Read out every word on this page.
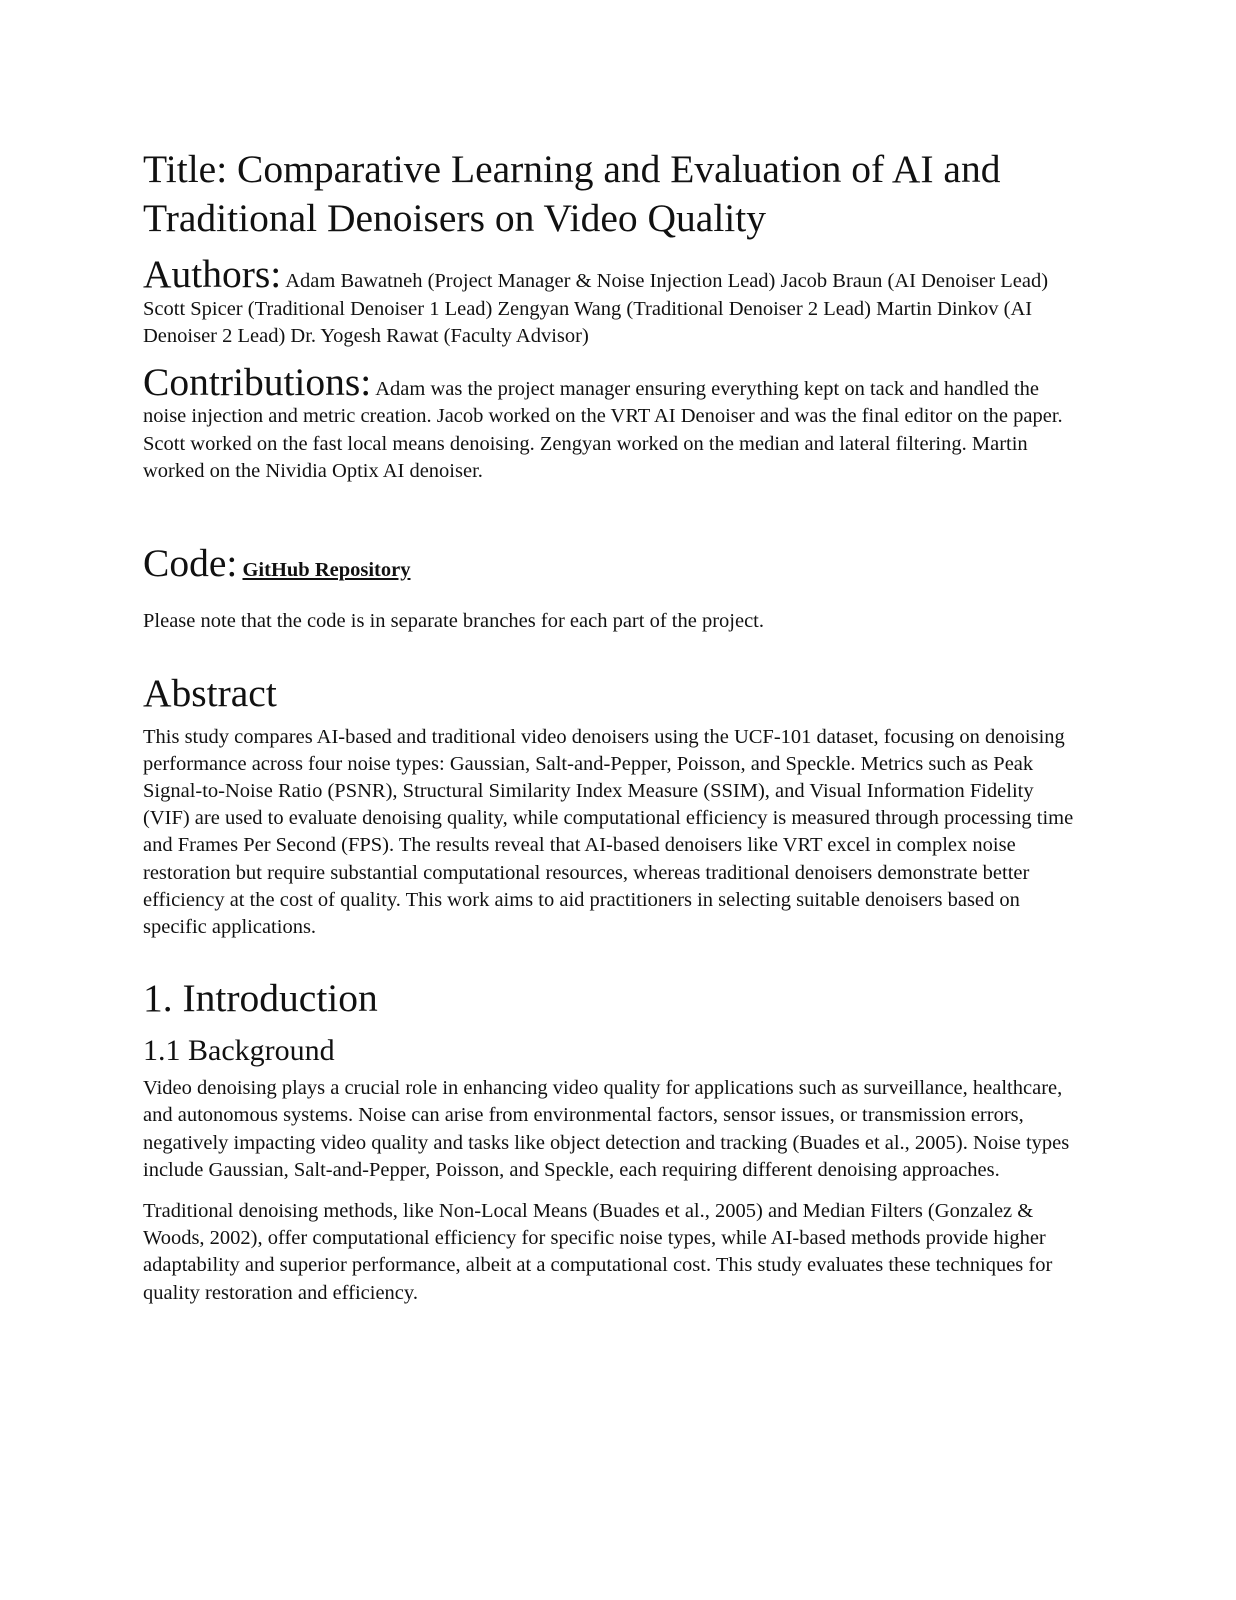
Title: Comparative Learning and Evaluation of AI and Traditional Denoisers on Video Quality
Authors: Adam Bawatneh (Project Manager & Noise Injection Lead) Jacob Braun (AI Denoiser Lead) Scott Spicer (Traditional Denoiser 1 Lead) Zengyan Wang (Traditional Denoiser 2 Lead) Martin Dinkov (AI Denoiser 2 Lead) Dr. Yogesh Rawat (Faculty Advisor)
Contributions: Adam was the project manager ensuring everything kept on tack and handled the noise injection and metric creation. Jacob worked on the VRT AI Denoiser and was the final editor on the paper. Scott worked on the fast local means denoising. Zengyan worked on the median and lateral filtering. Martin worked on the Nividia Optix AI denoiser.
Code: GitHub Repository
Please note that the code is in separate branches for each part of the project.
Abstract

This study compares AI-based and traditional video denoisers using the UCF-101 dataset, focusing on denoising performance across four noise types: Gaussian, Salt-and-Pepper, Poisson, and Speckle. Metrics such as Peak Signal-to-Noise Ratio (PSNR), Structural Similarity Index Measure (SSIM), and Visual Information Fidelity (VIF) are used to evaluate denoising quality, while computational efficiency is measured through processing time and Frames Per Second (FPS). The results reveal that AI-based denoisers like VRT excel in complex noise restoration but require substantial computational resources, whereas traditional denoisers demonstrate better efficiency at the cost of quality. This work aims to aid practitioners in selecting suitable denoisers based on specific applications.

1. Introduction
1.1 Background

Video denoising plays a crucial role in enhancing video quality for applications such as surveillance, healthcare, and autonomous systems. Noise can arise from environmental factors, sensor issues, or transmission errors, negatively impacting video quality and tasks like object detection and tracking (Buades et al., 2005). Noise types include Gaussian, Salt-and-Pepper, Poisson, and Speckle, each requiring different denoising approaches.

Traditional denoising methods, like Non-Local Means (Buades et al., 2005) and Median Filters (Gonzalez & Woods, 2002), offer computational efficiency for specific noise types, while AI-based methods provide higher adaptability and superior performance, albeit at a computational cost. This study evaluates these techniques for quality restoration and efficiency.
